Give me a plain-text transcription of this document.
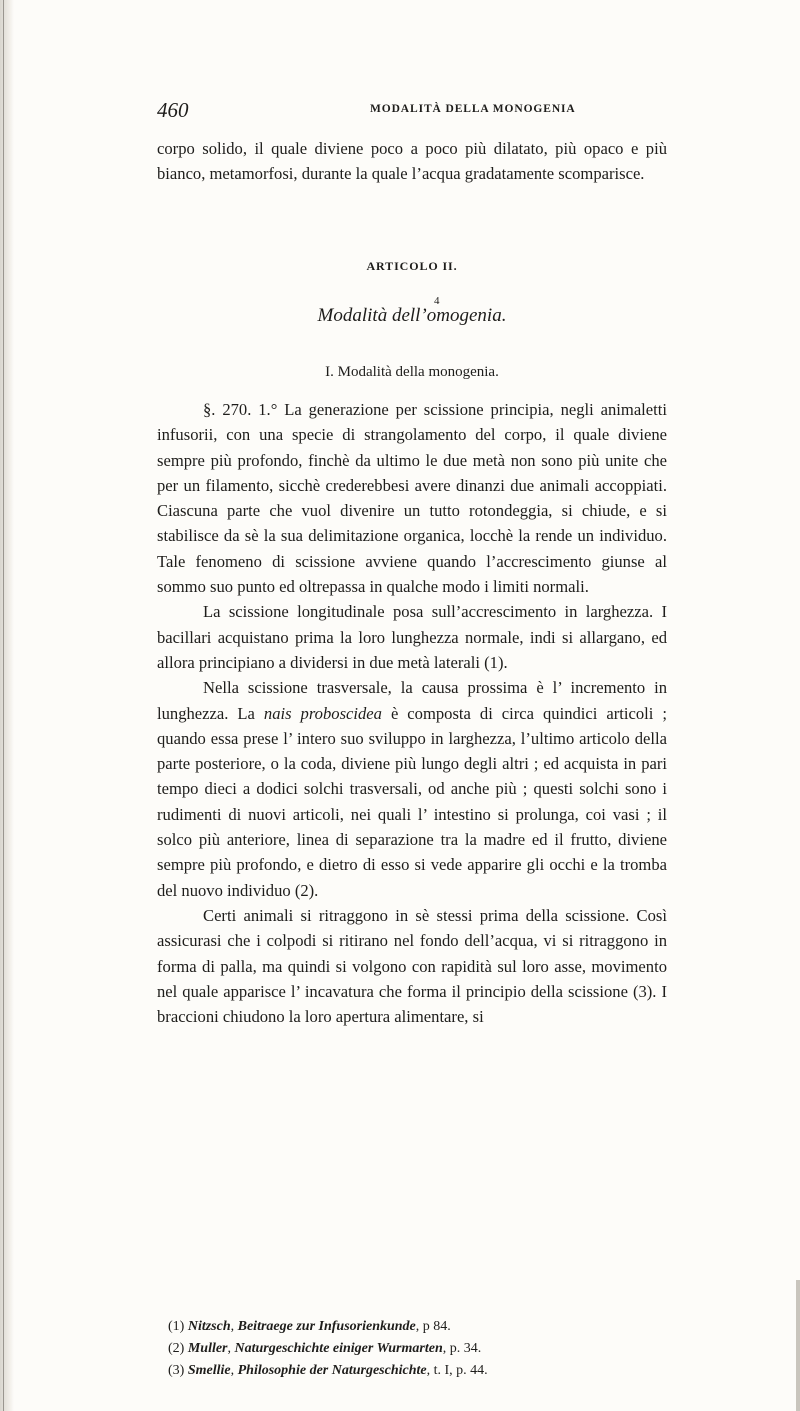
460	MODALITÀ DELLA MONOGENIA

corpo solido, il quale diviene poco a poco più dilatato, più opaco e più bianco, metamorfosi, durante la quale l’acqua gradatamente scomparisce.

ARTICOLO II.
4
Modalità dell’omogenia.
I. Modalità della monogenia.

§. 270. 1.° La generazione per scissione principia, negli animaletti infusorii, con una specie di strangolamento del corpo, il quale diviene sempre più profondo, finchè da ultimo le due metà non sono più unite che per un filamento, sicchè crederebbesi avere dinanzi due animali accoppiati. Ciascuna parte che vuol divenire un tutto rotondeggia, si chiude, e si stabilisce da sè la sua delimitazione organica, locchè la rende un individuo. Tale fenomeno di scissione avviene quando l’accrescimento giunse al sommo suo punto ed oltrepassa in qualche modo i limiti normali.

La scissione longitudinale posa sull’accrescimento in larghezza. I bacillari acquistano prima la loro lunghezza normale, indi si allargano, ed allora principiano a dividersi in due metà laterali (1).

Nella scissione trasversale, la causa prossima è l’ incremento in lunghezza. La nais proboscidea è composta di circa quindici articoli ; quando essa prese l’ intero suo sviluppo in larghezza, l’ultimo articolo della parte posteriore, o la coda, diviene più lungo degli altri ; ed acquista in pari tempo dieci a dodici solchi trasversali, od anche più ; questi solchi sono i rudimenti di nuovi articoli, nei quali l’ intestino si prolunga, coi vasi ; il solco più anteriore, linea di separazione tra la madre ed il frutto, diviene sempre più profondo, e dietro di esso si vede apparire gli occhi e la tromba del nuovo individuo (2).

Certi animali si ritraggono in sè stessi prima della scissione. Così assicurasi che i colpodi si ritirano nel fondo dell’acqua, vi si ritraggono in forma di palla, ma quindi si volgono con rapidità sul loro asse, movimento nel quale apparisce l’ incavatura che forma il principio della scissione (3). I braccioni chiudono la loro apertura alimentare, si

(1) Nitzsch, Beitraege zur Infusorienkunde, p 84.
(2) Muller, Naturgeschichte einiger Wurmarten, p. 34.
(3) Smellie, Philosophie der Naturgeschichte, t. I, p. 44.
